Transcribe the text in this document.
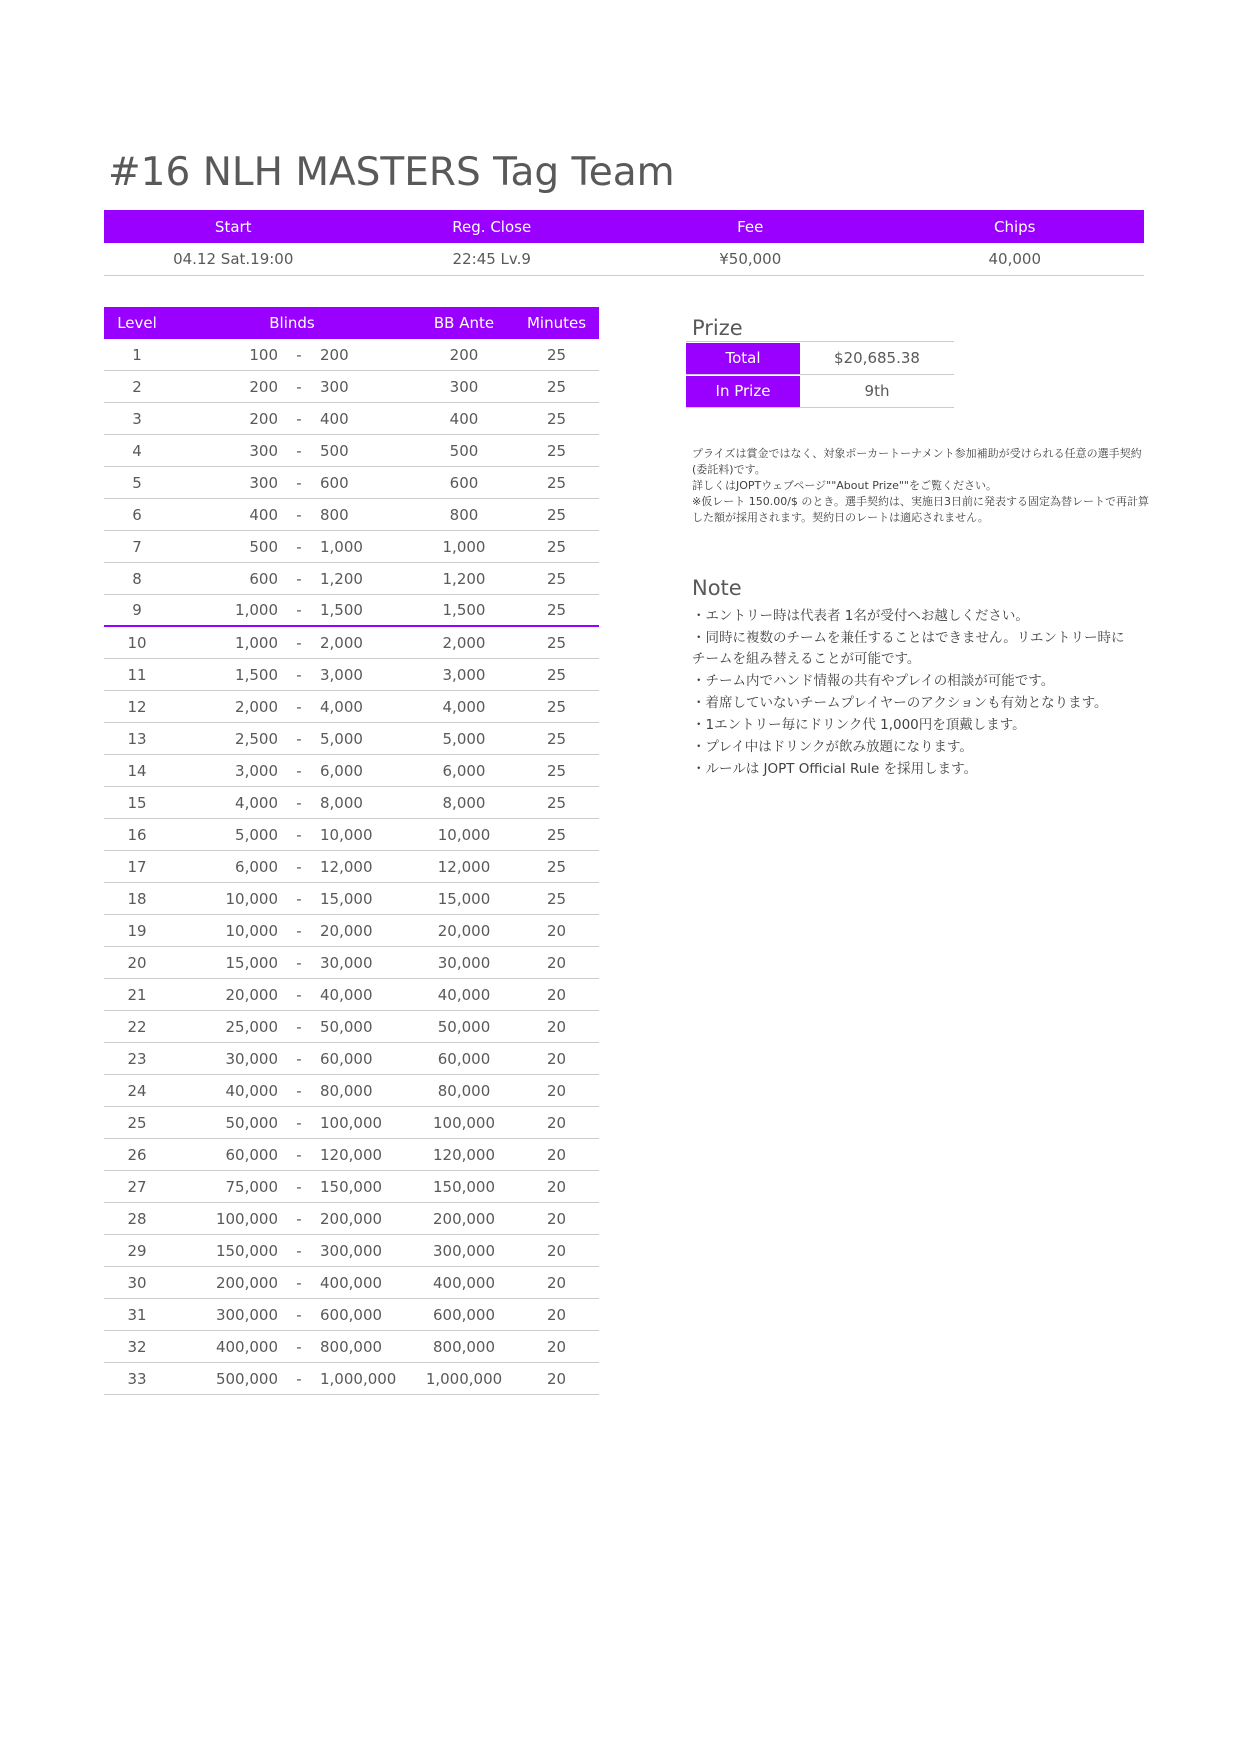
#16 NLH MASTERS Tag Team
Start	Reg. Close	Fee	Chips
04.12 Sat.19:00	22:45 Lv.9	¥50,000	40,000
Level	Blinds	BB Ante	Minutes
1	100	-	200	200	25
2	200	-	300	300	25
3	200	-	400	400	25
4	300	-	500	500	25
5	300	-	600	600	25
6	400	-	800	800	25
7	500	-	1,000	1,000	25
8	600	-	1,200	1,200	25
9	1,000	-	1,500	1,500	25
10	1,000	-	2,000	2,000	25
11	1,500	-	3,000	3,000	25
12	2,000	-	4,000	4,000	25
13	2,500	-	5,000	5,000	25
14	3,000	-	6,000	6,000	25
15	4,000	-	8,000	8,000	25
16	5,000	-	10,000	10,000	25
17	6,000	-	12,000	12,000	25
18	10,000	-	15,000	15,000	25
19	10,000	-	20,000	20,000	20
20	15,000	-	30,000	30,000	20
21	20,000	-	40,000	40,000	20
22	25,000	-	50,000	50,000	20
23	30,000	-	60,000	60,000	20
24	40,000	-	80,000	80,000	20
25	50,000	-	100,000	100,000	20
26	60,000	-	120,000	120,000	20
27	75,000	-	150,000	150,000	20
28	100,000	-	200,000	200,000	20
29	150,000	-	300,000	300,000	20
30	200,000	-	400,000	400,000	20
31	300,000	-	600,000	600,000	20
32	400,000	-	800,000	800,000	20
33	500,000	-	1,000,000	1,000,000	20
Prize
Total	$20,685.38
In Prize	9th

プライズは賞金ではなく、対象ポーカートーナメント参加補助が受けられる任意の選手契約(委託料)です。

詳しくはJOPTウェブページ""About Prize""をご覧ください。

※仮レート 150.00/$ のとき。選手契約は、実施日3日前に発表する固定為替レートで再計算した額が採用されます。契約日のレートは適応されません。

Note

・エントリー時は代表者 1名が受付へお越しください。

・同時に複数のチームを兼任することはできません。リエントリー時にチームを組み替えることが可能です。

・チーム内でハンド情報の共有やプレイの相談が可能です。

・着席していないチームプレイヤーのアクションも有効となります。

・1エントリー毎にドリンク代 1,000円を頂戴します。

・プレイ中はドリンクが飲み放題になります。

・ルールは JOPT Official Rule を採用します。
